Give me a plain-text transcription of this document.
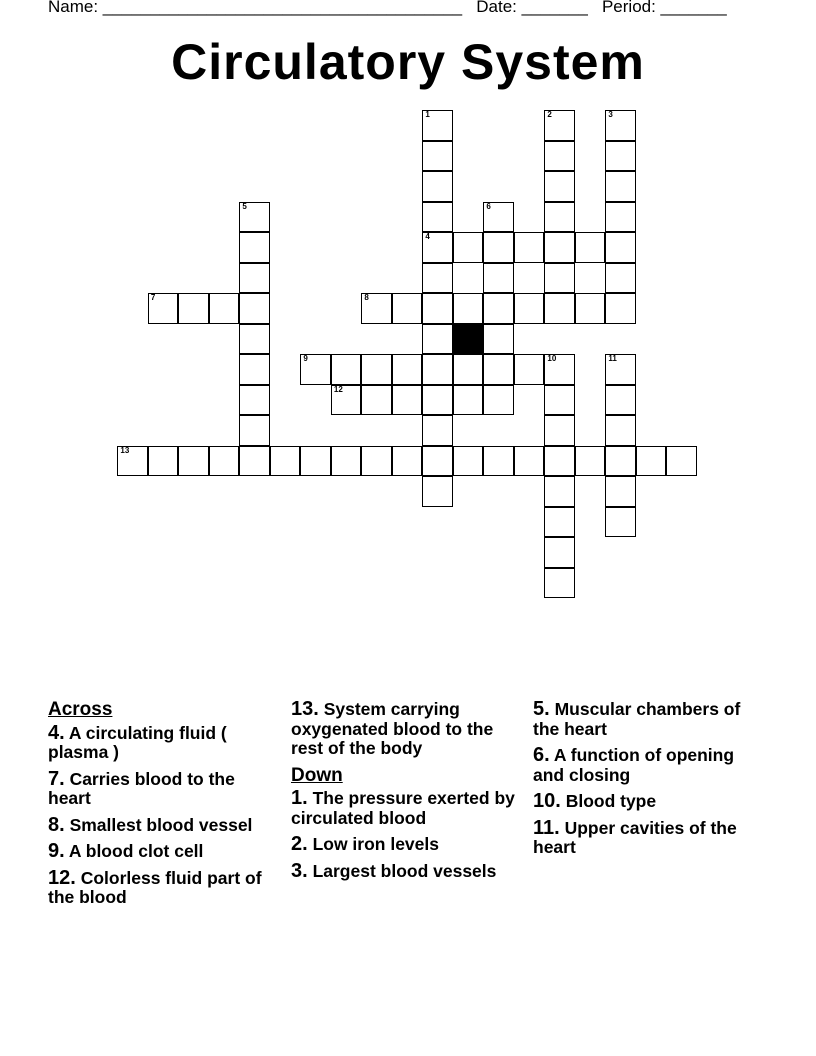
Name: ______________________________________ Date: _______ Period: _______
Circulatory System
4
7	8
9
12
13
1	2	3
5	6
10	11
Across
4. A circulating fluid ( plasma )
7. Carries blood to the heart
8. Smallest blood vessel
9. A blood clot cell
12. Colorless fluid part of the blood
13. System carrying oxygenated blood to the rest of the body
Down
1. The pressure exerted by circulated blood
2. Low iron levels
3. Largest blood vessels
5. Muscular chambers of the heart
6. A function of opening and closing
10. Blood type
11. Upper cavities of the heart
